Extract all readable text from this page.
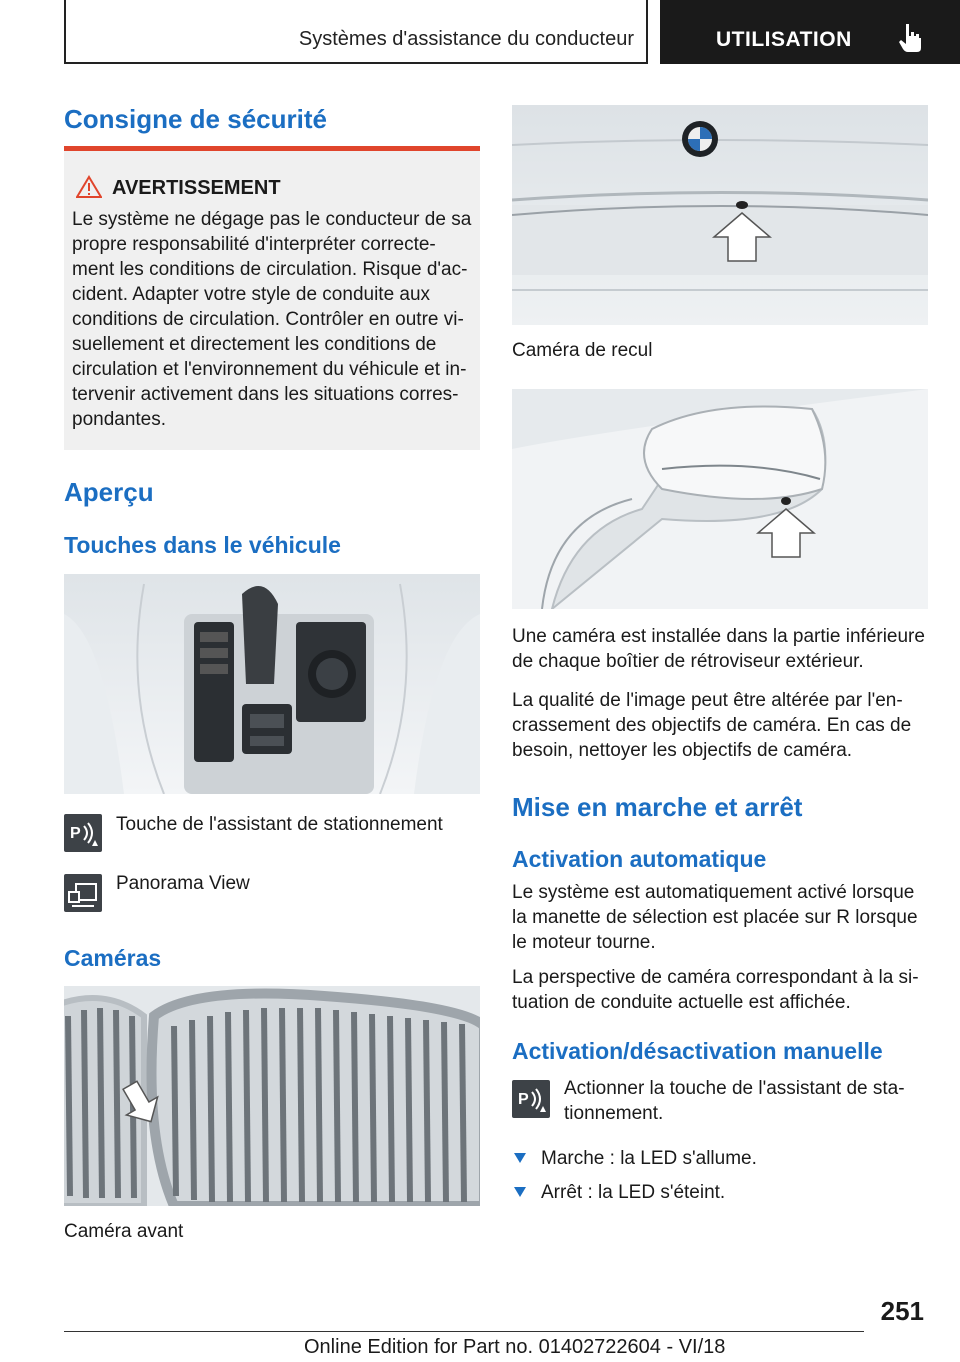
Systèmes d'assistance du conducteur	UTILISATION
Consigne de sécurité
AVERTISSEMENT
Le système ne dégage pas le conducteur de sa
propre responsabilité d'interpréter correcte-
ment les conditions de circulation. Risque d'ac-
cident. Adapter votre style de conduite aux
conditions de circulation. Contrôler en outre vi-
suellement et directement les conditions de
circulation et l'environnement du véhicule et in-
tervenir activement dans les situations corres-
pondantes.
Aperçu
Touches dans le véhicule
P Touche de l'assistant de stationnement
Panorama View
Caméras
Caméra avant
Caméra de recul
Une caméra est installée dans la partie inférieure
de chaque boîtier de rétroviseur extérieur.
La qualité de l'image peut être altérée par l'en-
crassement des objectifs de caméra. En cas de
besoin, nettoyer les objectifs de caméra.
Mise en marche et arrêt
Activation automatique
Le système est automatiquement activé lorsque
la manette de sélection est placée sur R lorsque
le moteur tourne.
La perspective de caméra correspondant à la si-
tuation de conduite actuelle est affichée.
Activation/désactivation manuelle
P
Actionner la touche de l'assistant de sta-
tionnement.
Marche : la LED s'allume.
Arrêt : la LED s'éteint.
251
Online Edition for Part no. 01402722604 - VI/18
